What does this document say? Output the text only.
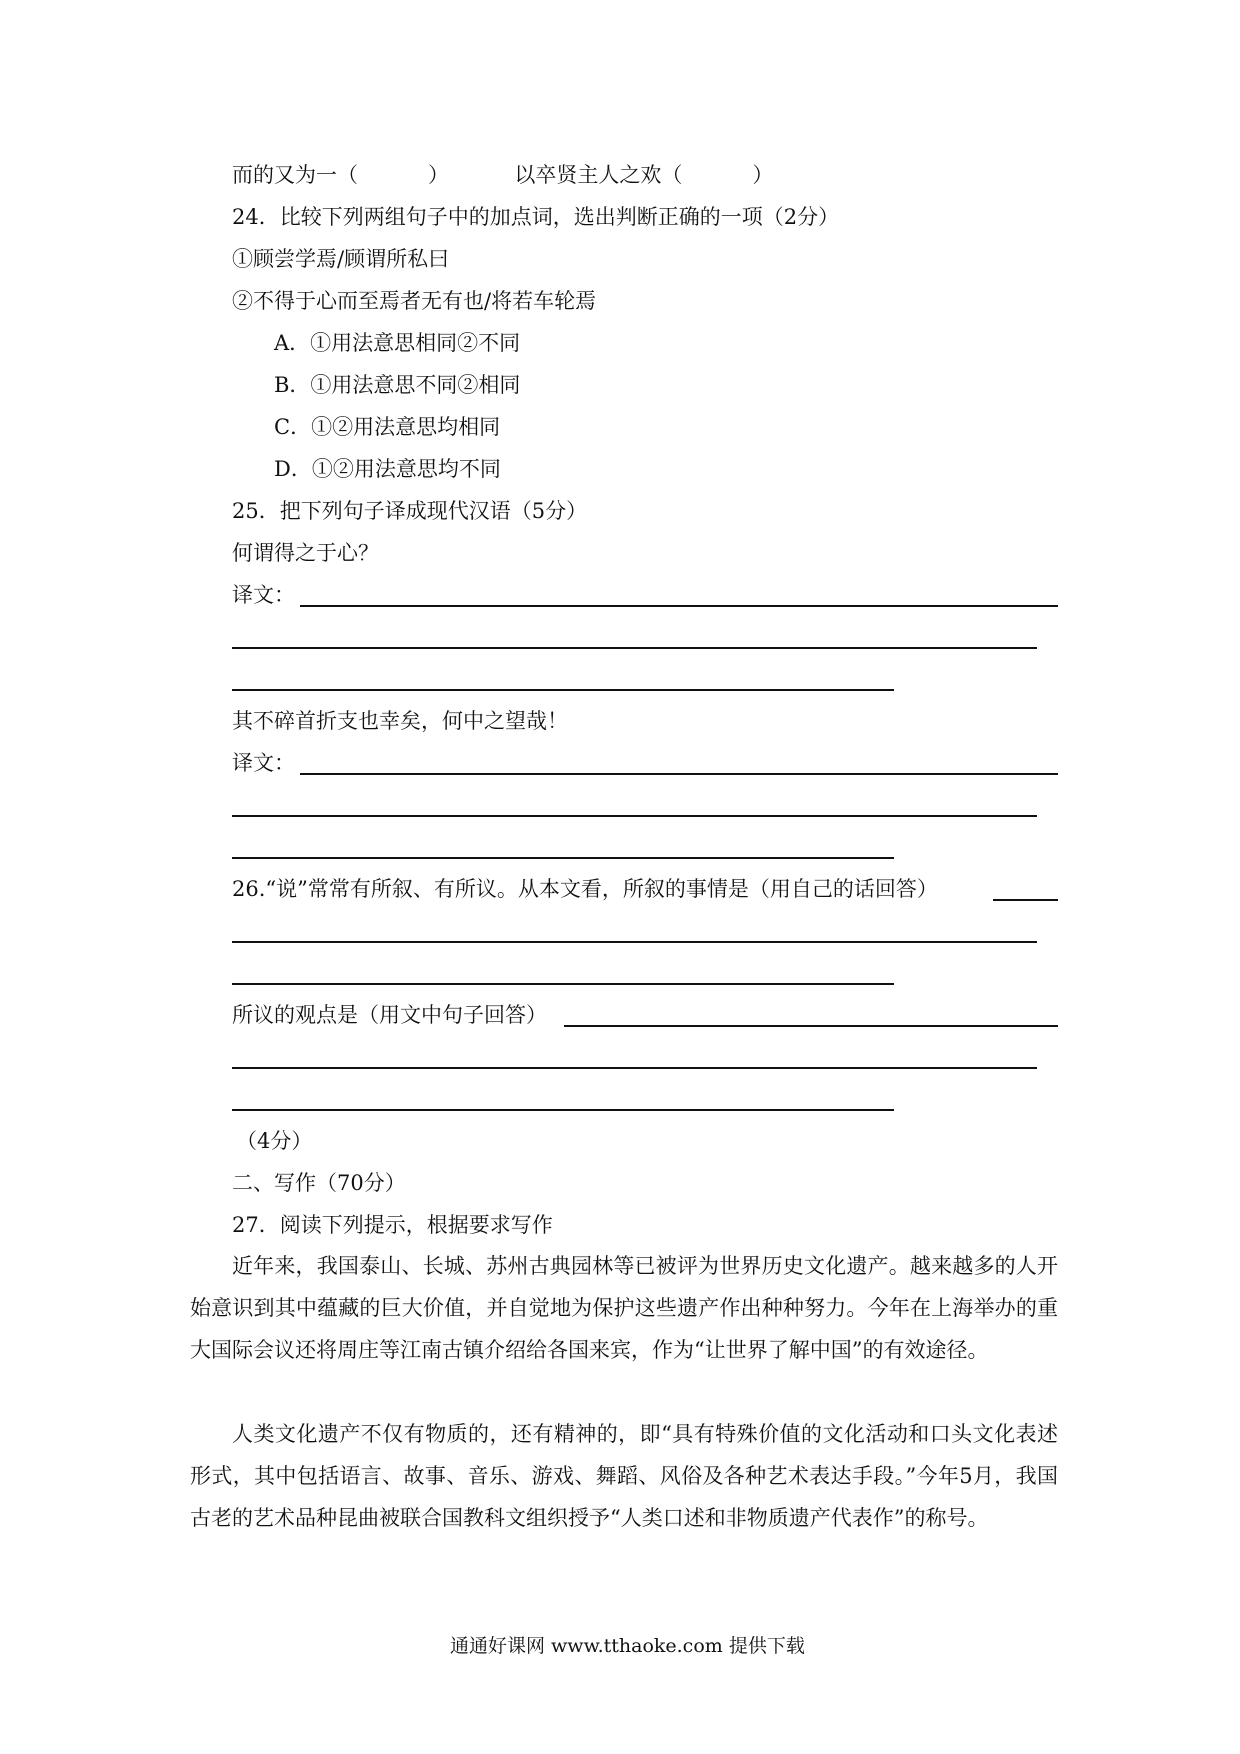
而的又为一（	）	以卒贤主人之欢（	）
24．比较下列两组句子中的加点词，选出判断正确的一项（2分）
①顾尝学焉/顾谓所私曰
②不得于心而至焉者无有也/将若车轮焉
A．①用法意思相同②不同
B．①用法意思不同②相同
C．①②用法意思均相同
D．①②用法意思均不同
25．把下列句子译成现代汉语（5分）
何谓得之于心？
译文：
其不碎首折支也幸矣，何中之望哉！
译文：
26.“说”常常有所叙、有所议。从本文看，所叙的事情是（用自己的话回答）
所议的观点是（用文中句子回答）
（4分）
二、写作（70分）
27．阅读下列提示，根据要求写作
近年来，我国泰山、长城、苏州古典园林等已被评为世界历史文化遗产。越来越多的人开始意识到其中蕴藏的巨大价值，并自觉地为保护这些遗产作出种种努力。今年在上海举办的重大国际会议还将周庄等江南古镇介绍给各国来宾，作为“让世界了解中国”的有效途径。
人类文化遗产不仅有物质的，还有精神的，即“具有特殊价值的文化活动和口头文化表述形式，其中包括语言、故事、音乐、游戏、舞蹈、风俗及各种艺术表达手段。”今年5月，我国古老的艺术品种昆曲被联合国教科文组织授予“人类口述和非物质遗产代表作”的称号。
通通好课网 www.tthaoke.com 提供下载
